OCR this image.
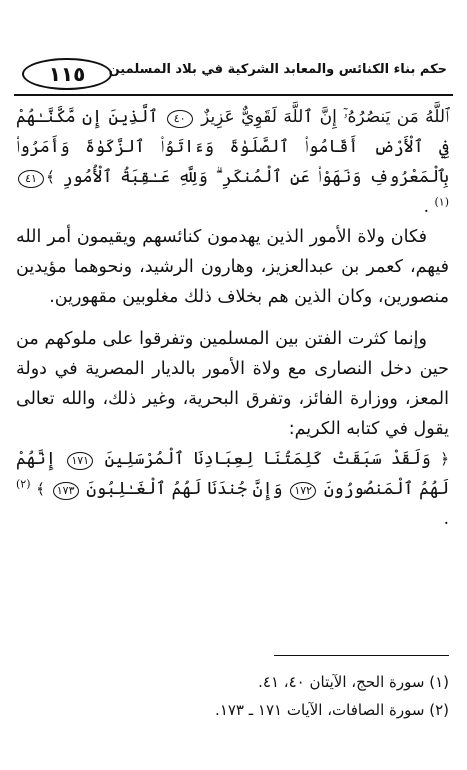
١١٥	حكم بناء الكنائس والمعابد الشركية في بلاد المسلمين

ﭐللَّهُ مَن يَنصُرُهُۥٓ إِنَّ ٱللَّهَ لَقَوِيٌّ عَزِيزٌ ٤٠ ٱلَّذِينَ إِن مَّكَّنَّـٰهُمْ فِي ٱلْأَرْضِ أَقَامُوا۟ ٱلصَّلَوٰةَ وَءَاتَوُا۟ ٱلزَّكَوٰةَ وَأَمَرُوا۟ بِٱلْمَعْرُوفِ وَنَهَوْا۟ عَنِ ٱلْمُنكَرِ ۗ وَلِلَّهِ عَـٰقِبَةُ ٱلْأُمُورِ ﴾٤١ $^{(١)}$ .

فكان ولاة الأمور الذين يهدمون كنائسهم ويقيمون أمر الله فيهم، كعمر بن عبدالعزيز، وهارون الرشيد، ونحوهما مؤيدين منصورين، وكان الذين هم بخلاف ذلك مغلوبين مقهورين.

وإنما كثرت الفتن بين المسلمين وتفرقوا على ملوكهم من حين دخل النصارى مع ولاة الأمور بالديار المصرية في دولة المعز، ووزارة الفائز، وتفرق البحرية، وغير ذلك، والله تعالى يقول في كتابه الكريم:

﴿ وَلَقَدْ سَبَقَتْ كَلِمَتُنَا لِعِبَادِنَا ٱلْمُرْسَلِينَ ١٧١ إِنَّهُمْ لَهُمُ ٱلْمَنصُورُونَ ١٧٢ وَإِنَّ جُندَنَا لَهُمُ ٱلْغَـٰلِبُونَ ١٧٣ ﴾ $^{(٢)}$ .

(١) سورة الحج، الآيتان ٤٠، ٤١.
(٢) سورة الصافات، الآيات ١٧١ ـ ١٧٣.
